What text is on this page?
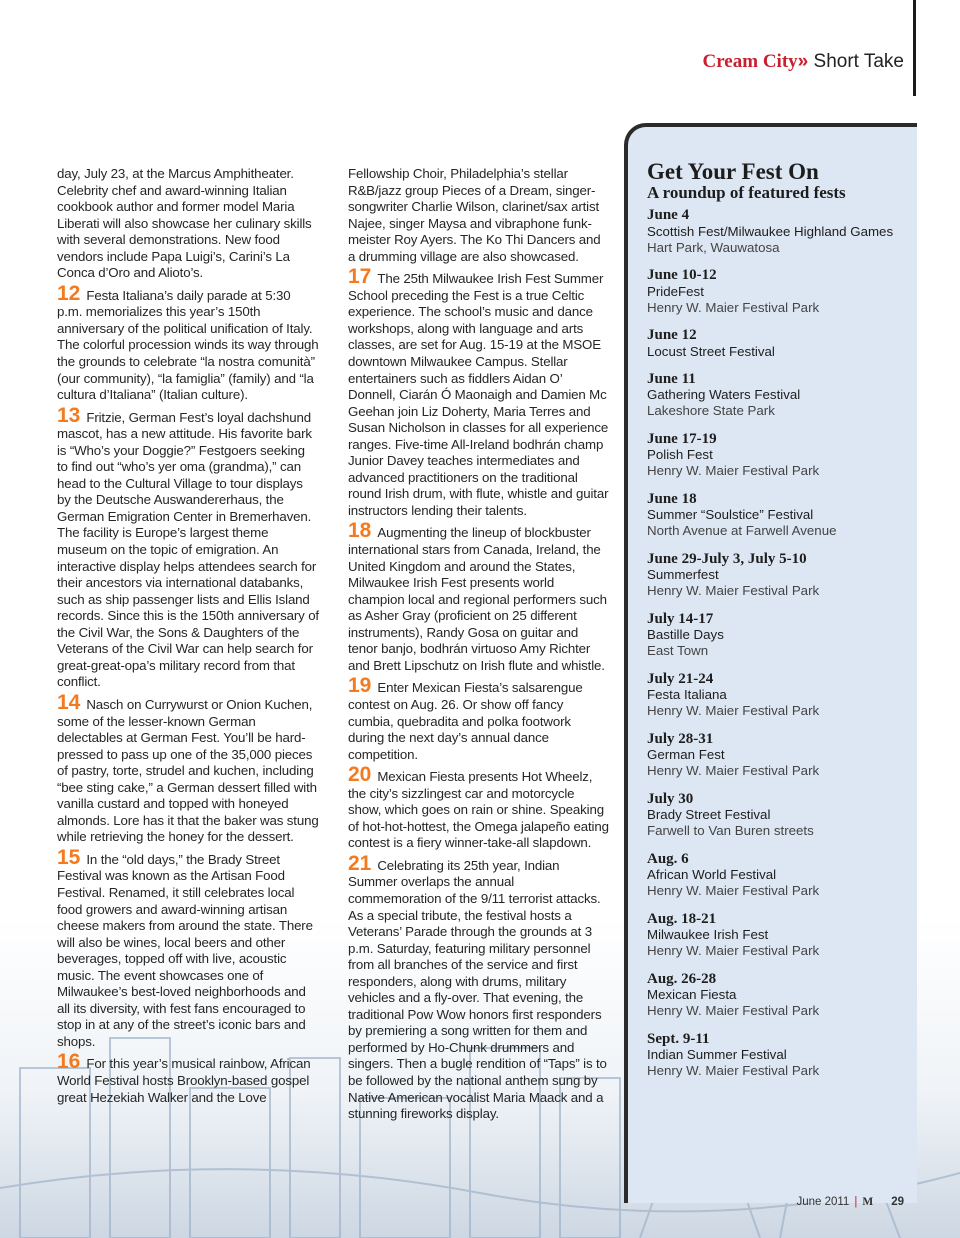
Cream City» Short Take

day, July 23, at the Marcus Amphitheater. Celebrity chef and award-winning Italian cookbook author and former model Maria Liberati will also showcase her culinary skills with several demonstrations. New food vendors include Papa Luigi’s, Carini’s La Conca d’Oro and Alioto’s.

12 Festa Italiana’s daily parade at 5:30 p.m. memorializes this year’s 150th anniversary of the political unification of Italy. The colorful procession winds its way through the grounds to celebrate “la nostra comunità” (our community), “la famiglia” (family) and “la cultura d’Italiana” (Italian culture).

13 Fritzie, German Fest’s loyal dachshund mascot, has a new attitude. His favorite bark is “Who’s your Doggie?” Festgoers seeking to find out “who’s yer oma (grandma),” can head to the Cultural Village to tour displays by the Deutsche Auswandererhaus, the German Emigration Center in Bremerhaven. The facility is Europe’s largest theme museum on the topic of emigration. An interactive display helps attendees search for their ancestors via international databanks, such as ship passenger lists and Ellis Island records. Since this is the 150th anniversary of the Civil War, the Sons & Daughters of the Veterans of the Civil War can help search for great-great-opa’s military record from that conflict.

14 Nasch on Currywurst or Onion Kuchen, some of the lesser-known German delectables at German Fest. You’ll be hard-pressed to pass up one of the 35,000 pieces of pastry, torte, strudel and kuchen, including “bee sting cake,” a German dessert filled with vanilla custard and topped with honeyed almonds. Lore has it that the baker was stung while retrieving the honey for the dessert.

15 In the “old days,” the Brady Street Festival was known as the Artisan Food Festival. Renamed, it still celebrates local food growers and award-winning artisan cheese makers from around the state. There will also be wines, local beers and other beverages, topped off with live, acoustic music. The event showcases one of Milwaukee’s best-loved neighborhoods and all its diversity, with fest fans encouraged to stop in at any of the street’s iconic bars and shops.

16 For this year’s musical rainbow, African World Festival hosts Brooklyn-based gospel great Hezekiah Walker and the Love

Fellowship Choir, Philadelphia’s stellar R&B/jazz group Pieces of a Dream, singer-songwriter Charlie Wilson, clarinet/sax artist Najee, singer Maysa and vibraphone funk-meister Roy Ayers. The Ko Thi Dancers and a drumming village are also showcased.

17 The 25th Milwaukee Irish Fest Summer School preceding the Fest is a true Celtic experience. The school’s music and dance workshops, along with language and arts classes, are set for Aug. 15-19 at the MSOE downtown Milwaukee Campus. Stellar entertainers such as fiddlers Aidan O’ Donnell, Ciarán Ó Maonaigh and Damien Mc Geehan join Liz Doherty, Maria Terres and Susan Nicholson in classes for all experience ranges. Five-time All-Ireland bodhrán champ Junior Davey teaches intermediates and advanced practitioners on the traditional round Irish drum, with flute, whistle and guitar instructors lending their talents.

18 Augmenting the lineup of blockbuster international stars from Canada, Ireland, the United Kingdom and around the States, Milwaukee Irish Fest presents world champion local and regional performers such as Asher Gray (proficient on 25 different instruments), Randy Gosa on guitar and tenor banjo, bodhrán virtuoso Amy Richter and Brett Lipschutz on Irish flute and whistle.

19 Enter Mexican Fiesta’s salsarengue contest on Aug. 26. Or show off fancy cumbia, quebradita and polka footwork during the next day’s annual dance competition.

20 Mexican Fiesta presents Hot Wheelz, the city’s sizzlingest car and motorcycle show, which goes on rain or shine. Speaking of hot-hot-hottest, the Omega jalapeño eating contest is a fiery winner-take-all slapdown.

21 Celebrating its 25th year, Indian Summer overlaps the annual commemoration of the 9/11 terrorist attacks. As a special tribute, the festival hosts a Veterans’ Parade through the grounds at 3 p.m. Saturday, featuring military personnel from all branches of the service and first responders, along with drums, military vehicles and a fly-over. That evening, the traditional Pow Wow honors first responders by premiering a song written for them and performed by Ho-Chunk drummers and singers. Then a bugle rendition of “Taps” is to be followed by the national anthem sung by Native American vocalist Maria Maack and a stunning fireworks display.

Get Your Fest On
A roundup of featured fests
June 4
Scottish Fest/Milwaukee Highland Games
Hart Park, Wauwatosa
June 10-12
PrideFest
Henry W. Maier Festival Park
June 12
Locust Street Festival
June 11
Gathering Waters Festival
Lakeshore State Park
June 17-19
Polish Fest
Henry W. Maier Festival Park
June 18
Summer “Soulstice” Festival
North Avenue at Farwell Avenue
June 29-July 3, July 5-10
Summerfest
Henry W. Maier Festival Park
July 14-17
Bastille Days
East Town
July 21-24
Festa Italiana
Henry W. Maier Festival Park
July 28-31
German Fest
Henry W. Maier Festival Park
July 30
Brady Street Festival
Farwell to Van Buren streets
Aug. 6
African World Festival
Henry W. Maier Festival Park
Aug. 18-21
Milwaukee Irish Fest
Henry W. Maier Festival Park
Aug. 26-28
Mexican Fiesta
Henry W. Maier Festival Park
Sept. 9-11
Indian Summer Festival
Henry W. Maier Festival Park
June 2011 | M 29
